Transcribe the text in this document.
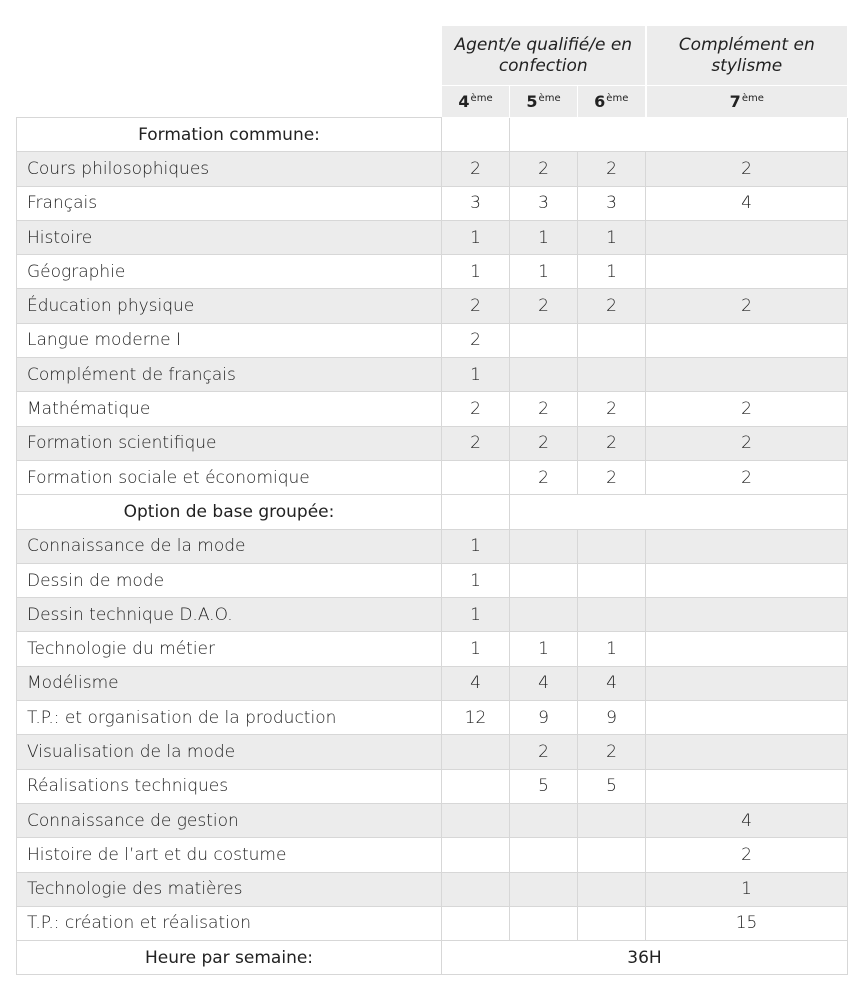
	Agent/e qualifié/e en confection			Complément en stylisme
	4ème	5ème	6ème	7ème
Formation commune:				
Cours philosophiques	2	2	2	2
Français	3	3	3	4
Histoire	1	1	1	
Géographie	1	1	1	
Éducation physique	2	2	2	2
Langue moderne I	2			
Complément de français	1			
Mathématique	2	2	2	2
Formation scientifique	2	2	2	2
Formation sociale et économique		2	2	2
Option de base groupée:				
Connaissance de la mode	1			
Dessin de mode	1			
Dessin technique D.A.O.	1			
Technologie du métier	1	1	1	
Modélisme	4	4	4	
T.P.: et organisation de la production	12	9	9	
Visualisation de la mode		2	2	
Réalisations techniques		5	5	
Connaissance de gestion				4
Histoire de l’art et du costume				2
Technologie des matières				1
T.P.: création et réalisation				15
Heure par semaine:	36H			
